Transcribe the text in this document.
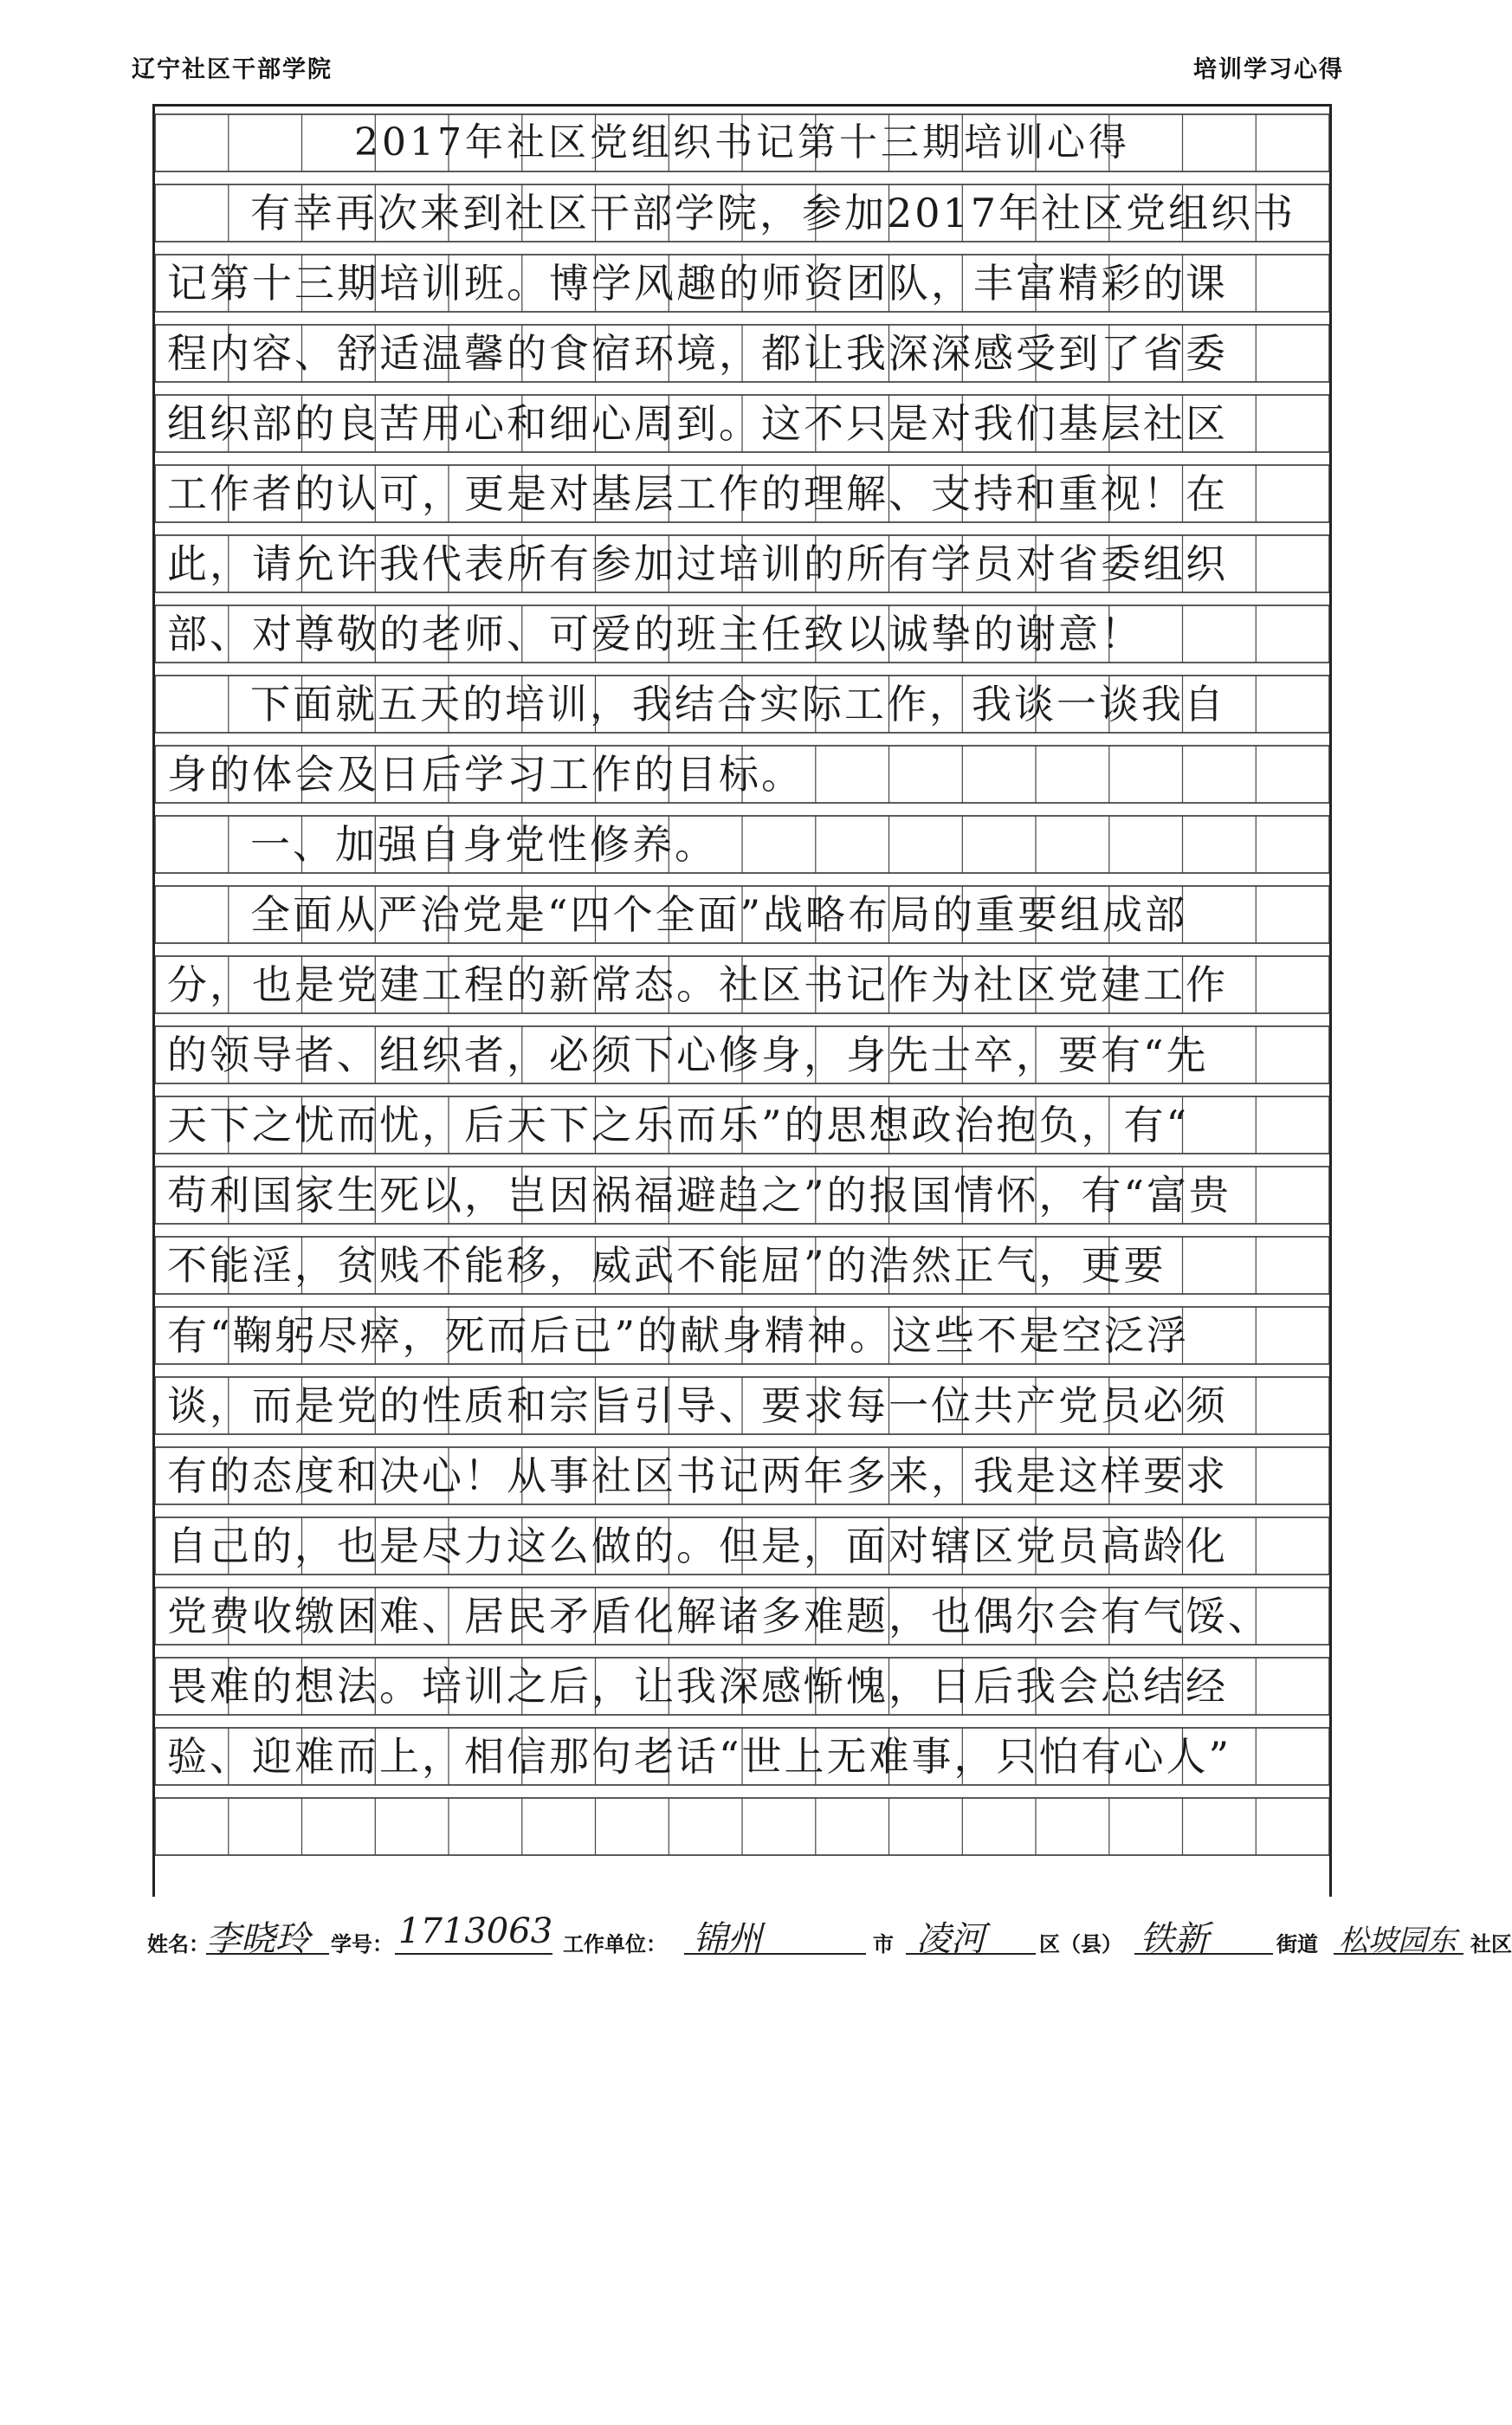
辽宁社区干部学院	培训学习心得
2017年社区党组织书记第十三期培训心得
有幸再次来到社区干部学院，参加2017年社区党组织书
记第十三期培训班。博学风趣的师资团队，丰富精彩的课
程内容、舒适温馨的食宿环境，都让我深深感受到了省委
组织部的良苦用心和细心周到。这不只是对我们基层社区
工作者的认可，更是对基层工作的理解、支持和重视！在
此，请允许我代表所有参加过培训的所有学员对省委组织
部、对尊敬的老师、可爱的班主任致以诚挚的谢意！
下面就五天的培训，我结合实际工作，我谈一谈我自
身的体会及日后学习工作的目标。
一、加强自身党性修养。
全面从严治党是“四个全面”战略布局的重要组成部
分，也是党建工程的新常态。社区书记作为社区党建工作
的领导者、组织者，必须下心修身，身先士卒，要有“先
天下之忧而忧，后天下之乐而乐”的思想政治抱负，有“
苟利国家生死以，岂因祸福避趋之”的报国情怀，有“富贵
不能淫，贫贱不能移，威武不能屈”的浩然正气，更要
有“鞠躬尽瘁，死而后已”的献身精神。这些不是空泛浮
谈，而是党的性质和宗旨引导、要求每一位共产党员必须
有的态度和决心！从事社区书记两年多来，我是这样要求
自己的，也是尽力这么做的。但是，面对辖区党员高龄化
党费收缴困难、居民矛盾化解诸多难题，也偶尔会有气馁、
畏难的想法。培训之后，让我深感惭愧，日后我会总结经
验、迎难而上，相信那句老话“世上无难事，只怕有心人”
姓名：
李晓玲 学号： 1713063 工作单位： 锦州	市 凌河	区（县） 铁新	街道 松坡园东 社区
